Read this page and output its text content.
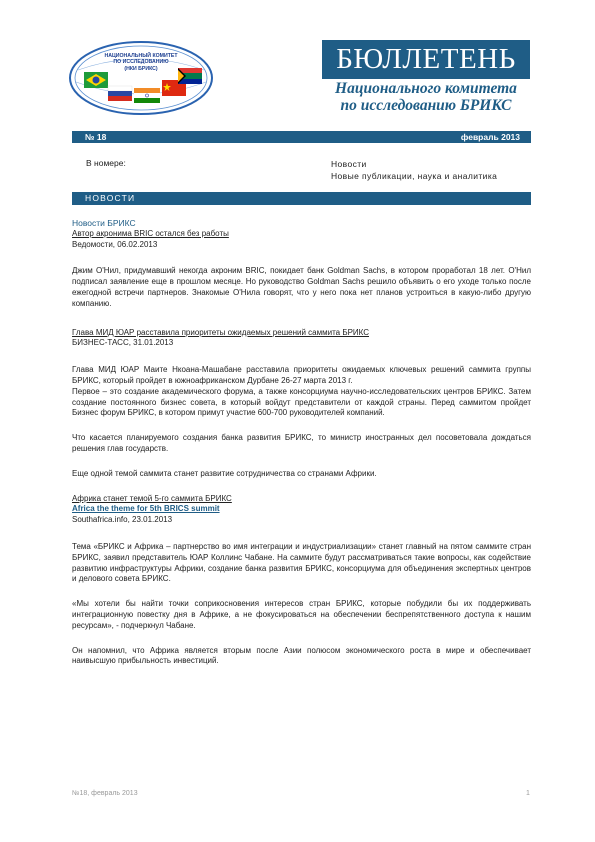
НАЦИОНАЛЬНЫЙ КОМИТЕТ
ПО ИССЛЕДОВАНИЮ
(НКИ БРИКС)	БЮЛЛЕТЕНЬ
Национального комитета
по исследованию БРИКС
№ 18	февраль 2013
В номере:	Новости
Новые публикации, наука и аналитика
НОВОСТИ
Новости БРИКС
Автор акронима BRIC остался без работы
Ведомости, 06.02.2013

Джим О'Нил, придумавший некогда акроним BRIC, покидает банк Goldman Sachs, в котором проработал 18 лет. О'Нил подписал заявление еще в прошлом месяце. Но руководство Goldman Sachs решило объявить о его уходе только после ежегодной встречи партнеров. Знакомые О'Нила говорят, что у него пока нет планов устроиться в какую-либо другую компанию.

Глава МИД ЮАР расставила приоритеты ожидаемых решений саммита БРИКС
БИЗНЕС-ТАСС, 31.01.2013

Глава МИД ЮАР Маите Нкоана-Машабане расставила приоритеты ожидаемых ключевых решений саммита группы БРИКС, который пройдет в южноафриканском Дурбане 26-27 марта 2013 г.

Первое – это создание академического форума, а также консорциума научно-исследовательских центров БРИКС. Затем создание постоянного бизнес совета, в который войдут представители от каждой страны. Перед саммитом пройдет Бизнес форум БРИКС, в котором примут участие 600-700 руководителей компаний.

Что касается планируемого создания банка развития БРИКС, то министр иностранных дел посоветовала дождаться решения глав государств.

Еще одной темой саммита станет развитие сотрудничества со странами Африки.

Африка станет темой 5-го саммита БРИКС
Africa the theme for 5th BRICS summit
Southafrica.info, 23.01.2013

Тема «БРИКС и Африка – партнерство во имя интеграции и индустриализации» станет главный на пятом саммите стран БРИКС, заявил представитель ЮАР Коллинс Чабане. На саммите будут рассматриваться такие вопросы, как содействие развитию инфраструктуры Африки, создание банка развития БРИКС, консорциума для объединения экспертных центров и делового совета БРИКС.

«Мы хотели бы найти точки соприкосновения интересов стран БРИКС, которые побудили бы их поддерживать интеграционную повестку дня в Африке, а не фокусироваться на обеспечении беспрепятственного доступа к нашим ресурсам», - подчеркнул Чабане.

Он напомнил, что Африка является вторым после Азии полюсом экономического роста в мире и обеспечивает наивысшую прибыльность инвестиций.

№18, февраль 2013	1
